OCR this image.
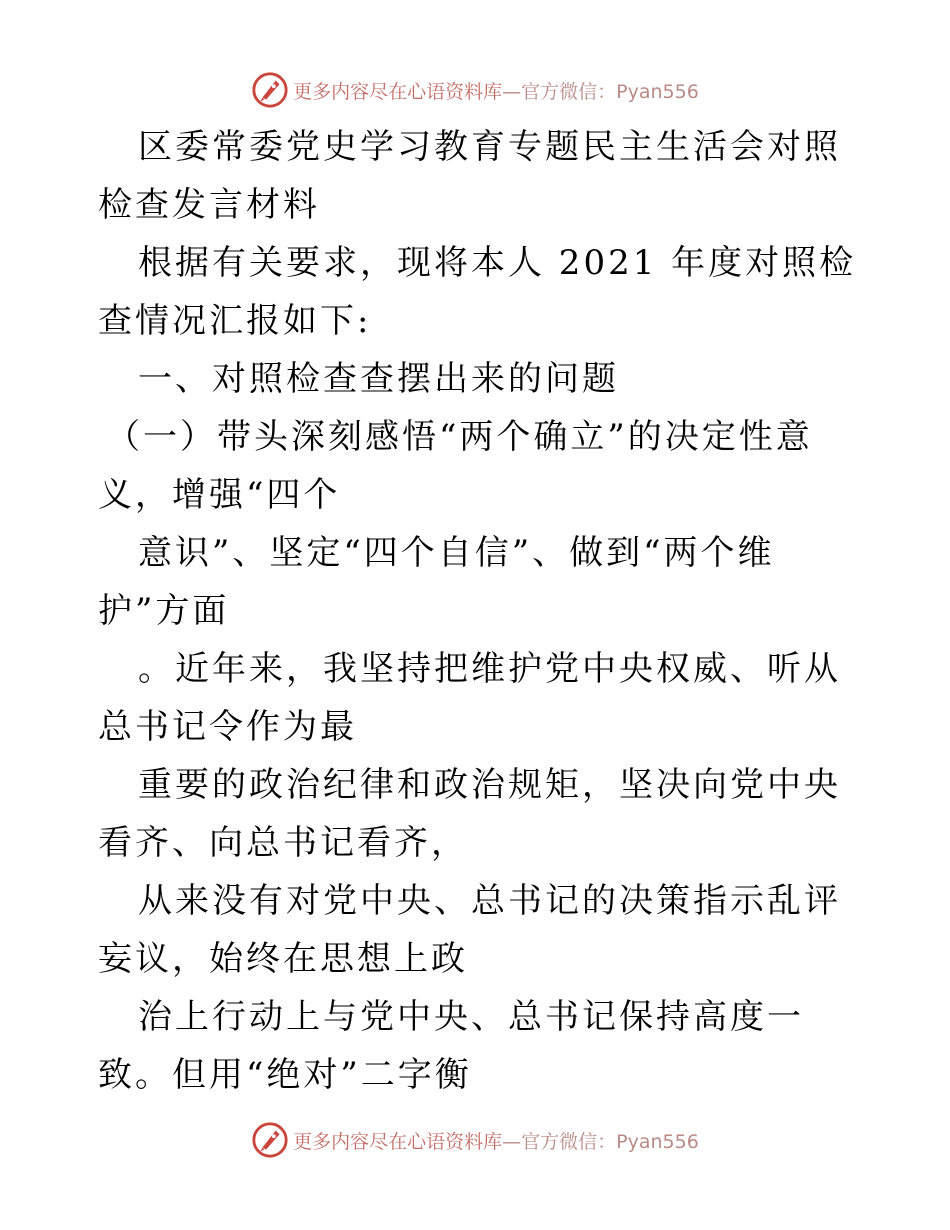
更多内容尽在心语资料库—官方微信：Pyan556

区委常委党史学习教育专题民主生活会对照检查发言材料

根据有关要求，现将本人 2021 年度对照检查情况汇报如下:

一、对照检查查摆出来的问题

（一）带头深刻感悟“两个确立”的决定性意义，增强“四个

意识”、坚定“四个自信”、做到“两个维护”方面

。近年来，我坚持把维护党中央权威、听从总书记令作为最

重要的政治纪律和政治规矩，坚决向党中央看齐、向总书记看齐，

从来没有对党中央、总书记的决策指示乱评妄议，始终在思想上政

治上行动上与党中央、总书记保持高度一致。但用“绝对”二字衡

更多内容尽在心语资料库—官方微信：Pyan556
